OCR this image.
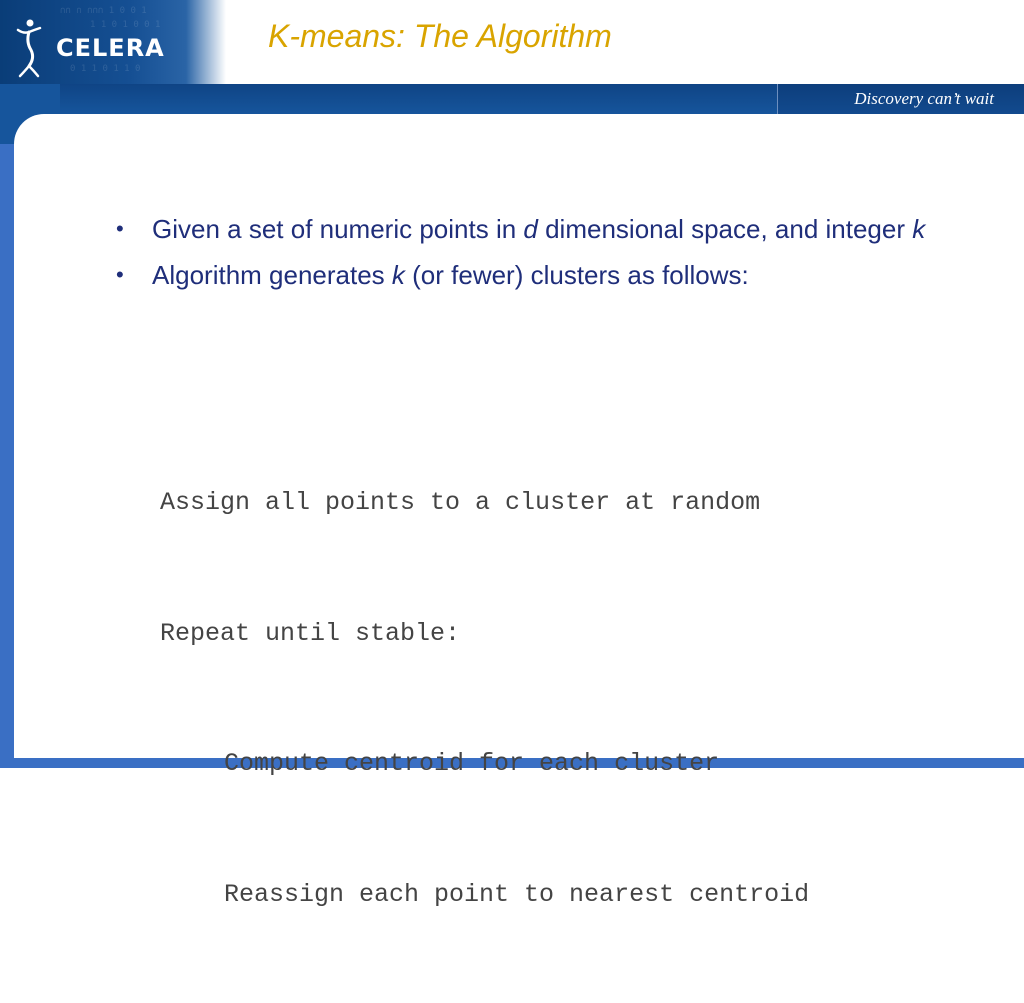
∩∩ ∩ ∩∩∩ 1 0 0 1
1 1 0 1 0 0 1
0 1 1 0 1 1 0
CELERA	K-means: The Algorithm
Discovery can’t wait
• Given a set of numeric points in d dimensional space, and integer k
• Algorithm generates k (or fewer) clusters as follows:

Assign all points to a cluster at random

Repeat until stable:

Compute centroid for each cluster

Reassign each point to nearest centroid
